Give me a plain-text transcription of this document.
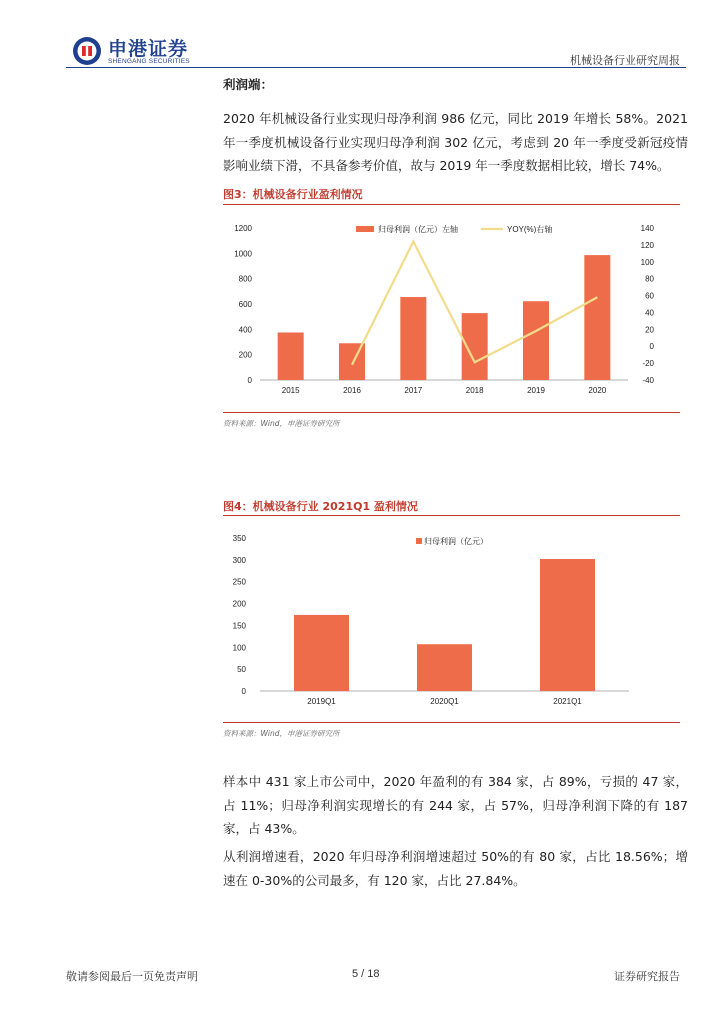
申港证券
SHENGANG SECURITIES	机械设备行业研究周报
利润端：
2020 年机械设备行业实现归母净利润 986 亿元，同比 2019 年增长 58%。2021 年一季度机械设备行业实现归母净利润 302 亿元，考虑到 20 年一季度受新冠疫情影响业绩下滑，不具备参考价值，故与 2019 年一季度数据相比较，增长 74%。
图3：机械设备行业盈利情况
0
200
400
600
800
1000
1200
-40
-20
0
20
40
60
80
100
120
140
2015	2016	2017	2018	2019	2020
归母利润（亿元）左轴	YOY(%)右轴
资料来源：Wind，申港证券研究所
图4：机械设备行业 2021Q1 盈利情况
0
50
100
150
200
250
300
350
2019Q1	2020Q1	2021Q1
归母利润（亿元）
资料来源：Wind，申港证券研究所
样本中 431 家上市公司中，2020 年盈利的有 384 家，占 89%，亏损的 47 家，占 11%；归母净利润实现增长的有 244 家，占 57%，归母净利润下降的有 187 家，占 43%。
从利润增速看，2020 年归母净利润增速超过 50%的有 80 家，占比 18.56%；增速在 0-30%的公司最多，有 120 家，占比 27.84%。
敬请参阅最后一页免责声明	5 / 18	证券研究报告
